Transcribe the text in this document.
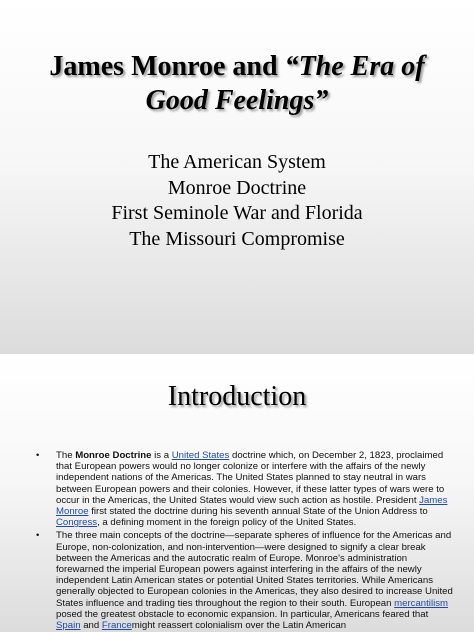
James Monroe and “The Era of
Good Feelings”
The American System
Monroe Doctrine
First Seminole War and Florida
The Missouri Compromise
Introduction
• The Monroe Doctrine is a United States doctrine which, on December 2, 1823, proclaimed that European powers would no longer colonize or interfere with the affairs of the newly independent nations of the Americas. The United States planned to stay neutral in wars between European powers and their colonies. However, if these latter types of wars were to occur in the Americas, the United States would view such action as hostile. President James Monroe first stated the doctrine during his seventh annual State of the Union Address to Congress, a defining moment in the foreign policy of the United States.
• The three main concepts of the doctrine—separate spheres of influence for the Americas and Europe, non-colonization, and non-intervention—were designed to signify a clear break between the Americas and the autocratic realm of Europe. Monroe's administration forewarned the imperial European powers against interfering in the affairs of the newly independent Latin American states or potential United States territories. While Americans generally objected to European colonies in the Americas, they also desired to increase United States influence and trading ties throughout the region to their south. European mercantilism posed the greatest obstacle to economic expansion. In particular, Americans feared that Spain and Francemight reassert colonialism over the Latin American
